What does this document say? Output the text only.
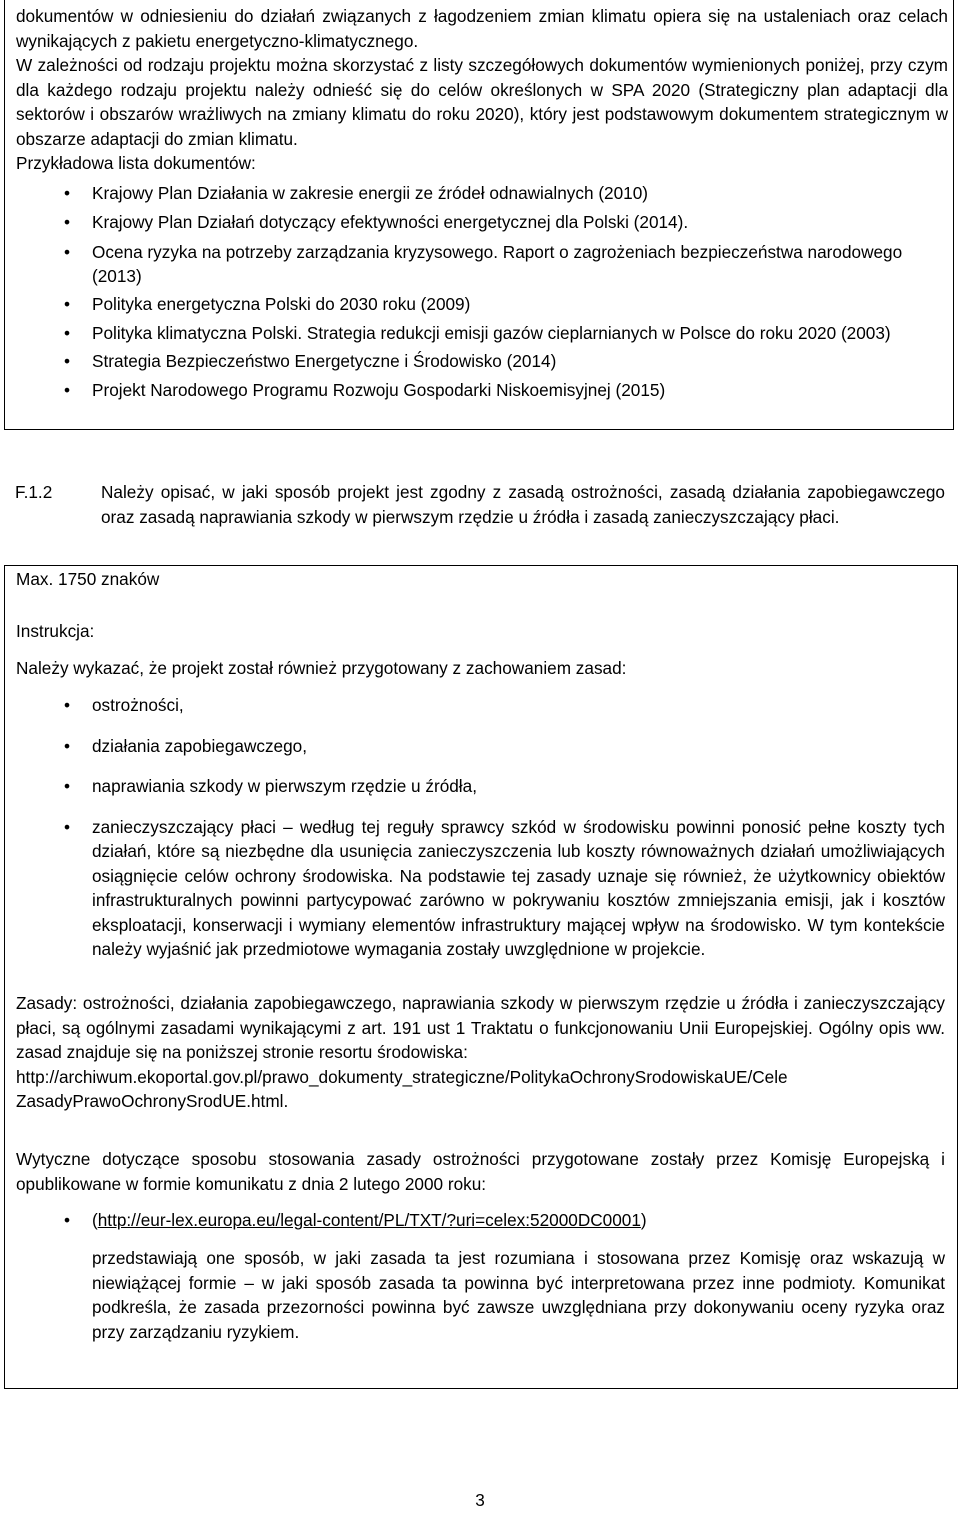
dokumentów w odniesieniu do działań związanych z łagodzeniem zmian klimatu opiera się na ustaleniach oraz celach wynikających z pakietu energetyczno-klimatycznego.
W zależności od rodzaju projektu można skorzystać z listy szczegółowych dokumentów wymienionych poniżej, przy czym dla każdego rodzaju projektu należy odnieść się do celów określonych w SPA 2020 (Strategiczny plan adaptacji dla sektorów i obszarów wrażliwych na zmiany klimatu do roku 2020), który jest podstawowym dokumentem strategicznym w obszarze adaptacji do zmian klimatu.
Przykładowa lista dokumentów:
• Krajowy Plan Działania w zakresie energii ze źródeł odnawialnych (2010)
• Krajowy Plan Działań dotyczący efektywności energetycznej dla Polski (2014).
• Ocena ryzyka na potrzeby zarządzania kryzysowego. Raport o zagrożeniach bezpieczeństwa narodowego (2013)
• Polityka energetyczna Polski do 2030 roku (2009)
• Polityka klimatyczna Polski. Strategia redukcji emisji gazów cieplarnianych w Polsce do roku 2020 (2003)
• Strategia Bezpieczeństwo Energetyczne i Środowisko (2014)
• Projekt Narodowego Programu Rozwoju Gospodarki Niskoemisyjnej (2015)
F.1.2	Należy opisać, w jaki sposób projekt jest zgodny z zasadą ostrożności, zasadą działania zapobiegawczego oraz zasadą naprawiania szkody w pierwszym rzędzie u źródła i zasadą zanieczyszczający płaci.
Max. 1750 znaków
Instrukcja:
Należy wykazać, że projekt został również przygotowany z zachowaniem zasad:
• ostrożności,
• działania zapobiegawczego,
• naprawiania szkody w pierwszym rzędzie u źródła,
• zanieczyszczający płaci – według tej reguły sprawcy szkód w środowisku powinni ponosić pełne koszty tych działań, które są niezbędne dla usunięcia zanieczyszczenia lub koszty równoważnych działań umożliwiających osiągnięcie celów ochrony środowiska. Na podstawie tej zasady uznaje się również, że użytkownicy obiektów infrastrukturalnych powinni partycypować zarówno w pokrywaniu kosztów zmniejszania emisji, jak i kosztów eksploatacji, konserwacji i wymiany elementów infrastruktury mającej wpływ na środowisko. W tym kontekście należy wyjaśnić jak przedmiotowe wymagania zostały uwzględnione w projekcie.
Zasady: ostrożności, działania zapobiegawczego, naprawiania szkody w pierwszym rzędzie u źródła i zanieczyszczający płaci, są ogólnymi zasadami wynikającymi z art. 191 ust 1 Traktatu o funkcjonowaniu Unii Europejskiej. Ogólny opis ww. zasad znajduje się na poniższej stronie resortu środowiska:
http://archiwum.ekoportal.gov.pl/prawo_dokumenty_strategiczne/PolitykaOchronySrodowiskaUE/Cele
ZasadyPrawoOchronySrodUE.html.
Wytyczne dotyczące sposobu stosowania zasady ostrożności przygotowane zostały przez Komisję Europejską i opublikowane w formie komunikatu z dnia 2 lutego 2000 roku:
• (http://eur-lex.europa.eu/legal-content/PL/TXT/?uri=celex:52000DC0001)
przedstawiają one sposób, w jaki zasada ta jest rozumiana i stosowana przez Komisję oraz wskazują w niewiążącej formie – w jaki sposób zasada ta powinna być interpretowana przez inne podmioty. Komunikat podkreśla, że zasada przezorności powinna być zawsze uwzględniana przy dokonywaniu oceny ryzyka oraz przy zarządzaniu ryzykiem.
3
